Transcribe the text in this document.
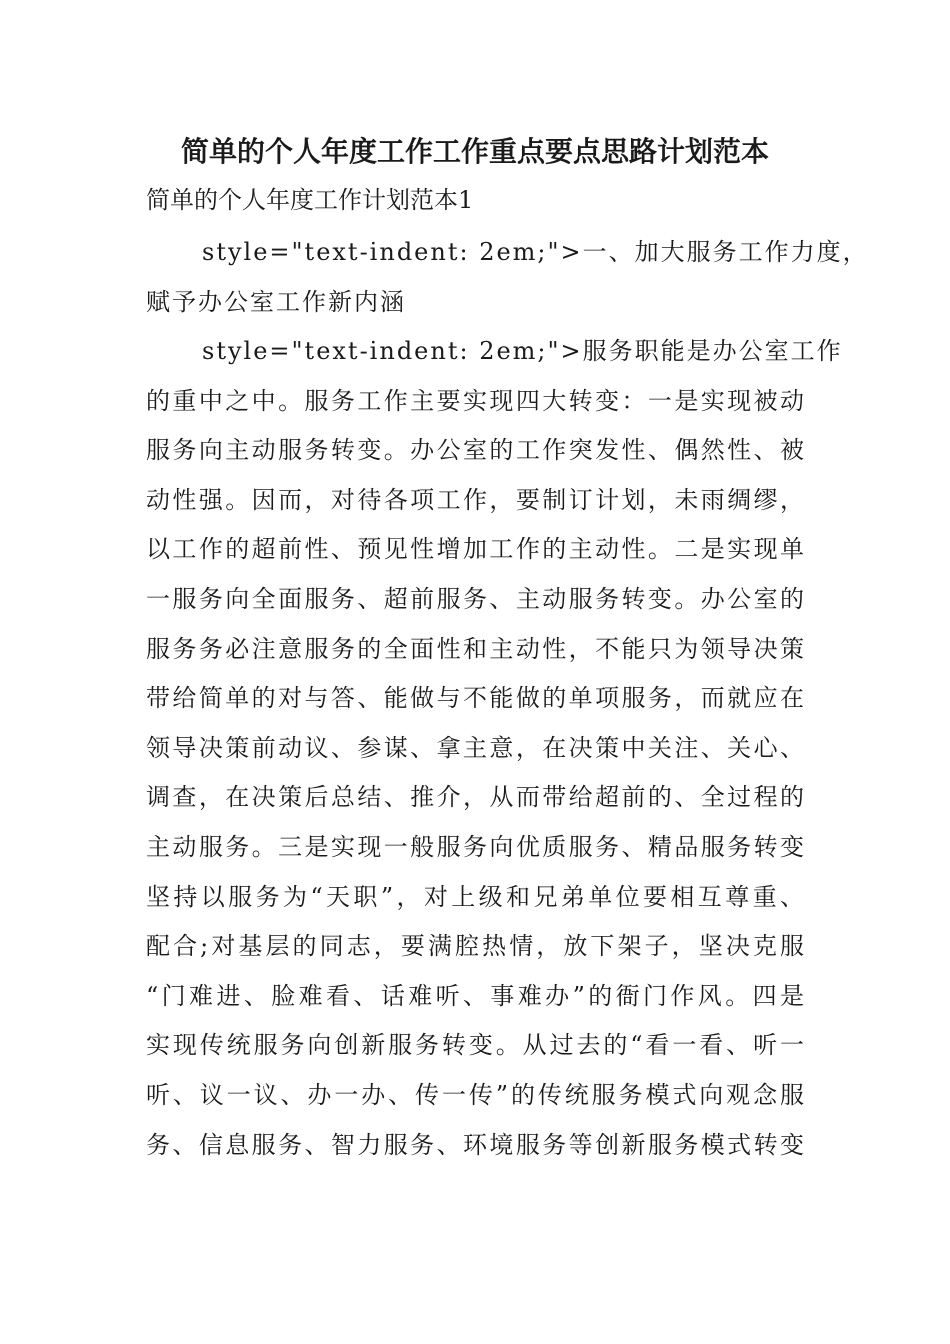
简单的个人年度工作工作重点要点思路计划范本
简单的个人年度工作计划范本1
style="text-indent: 2em;">一、加大服务工作力度，
赋予办公室工作新内涵
style="text-indent: 2em;">服务职能是办公室工作
的重中之中。服务工作主要实现四大转变：一是实现被动
服务向主动服务转变。办公室的工作突发性、偶然性、被
动性强。因而，对待各项工作，要制订计划，未雨绸缪，
以工作的超前性、预见性增加工作的主动性。二是实现单
一服务向全面服务、超前服务、主动服务转变。办公室的
服务务必注意服务的全面性和主动性，不能只为领导决策
带给简单的对与答、能做与不能做的单项服务，而就应在
领导决策前动议、参谋、拿主意，在决策中关注、关心、
调查，在决策后总结、推介，从而带给超前的、全过程的
主动服务。三是实现一般服务向优质服务、精品服务转变
坚持以服务为“天职”，对上级和兄弟单位要相互尊重、
配合;对基层的同志，要满腔热情，放下架子，坚决克服
“门难进、脸难看、话难听、事难办”的衙门作风。四是
实现传统服务向创新服务转变。从过去的“看一看、听一
听、议一议、办一办、传一传”的传统服务模式向观念服
务、信息服务、智力服务、环境服务等创新服务模式转变
